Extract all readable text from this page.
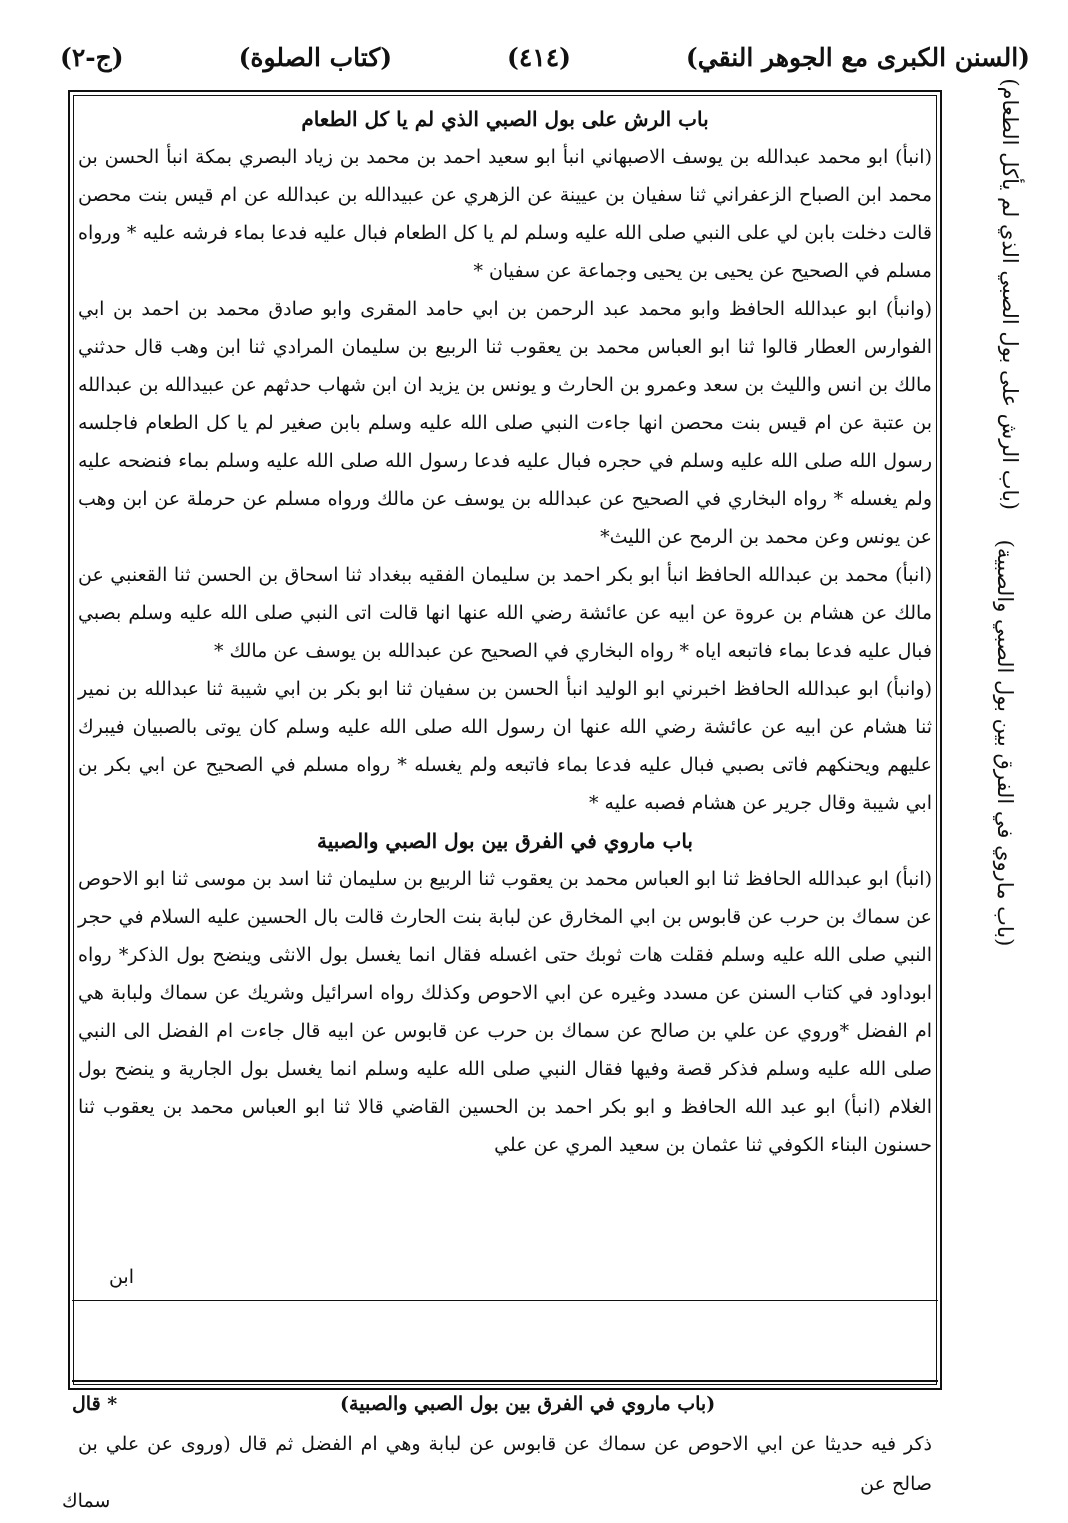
(السنن الكبرى مع الجوهر النقي)
(٤١٤)
(كتاب الصلوة)
(ج-٢)
باب الرش على بول الصبي الذي لم يا كل الطعام

(انبأ) ابو محمد عبدالله بن يوسف الاصبهاني انبأ ابو سعيد احمد بن محمد بن زياد البصري بمكة انبأ الحسن بن محمد ابن الصباح الزعفراني ثنا سفيان بن عيينة عن الزهري عن عبيدالله بن عبدالله عن ام قيس بنت محصن قالت دخلت بابن لي على النبي صلى الله عليه وسلم لم يا كل الطعام فبال عليه فدعا بماء فرشه عليه * ورواه مسلم في الصحيح عن يحيى بن يحيى وجماعة عن سفيان *

(وانبأ) ابو عبدالله الحافظ وابو محمد عبد الرحمن بن ابي حامد المقرى وابو صادق محمد بن احمد بن ابي الفوارس العطار قالوا ثنا ابو العباس محمد بن يعقوب ثنا الربيع بن سليمان المرادي ثنا ابن وهب قال حدثني مالك بن انس والليث بن سعد وعمرو بن الحارث و يونس بن يزيد ان ابن شهاب حدثهم عن عبيدالله بن عبدالله بن عتبة عن ام قيس بنت محصن انها جاءت النبي صلى الله عليه وسلم بابن صغير لم يا كل الطعام فاجلسه رسول الله صلى الله عليه وسلم في حجره فبال عليه فدعا رسول الله صلى الله عليه وسلم بماء فنضحه عليه ولم يغسله * رواه البخاري في الصحيح عن عبدالله بن يوسف عن مالك ورواه مسلم عن حرملة عن ابن وهب عن يونس وعن محمد بن الرمح عن الليث*

(انبأ) محمد بن عبدالله الحافظ انبأ ابو بكر احمد بن سليمان الفقيه ببغداد ثنا اسحاق بن الحسن ثنا القعنبي عن مالك عن هشام بن عروة عن ابيه عن عائشة رضي الله عنها انها قالت اتى النبي صلى الله عليه وسلم بصبي فبال عليه فدعا بماء فاتبعه اياه * رواه البخاري في الصحيح عن عبدالله بن يوسف عن مالك *

(وانبأ) ابو عبدالله الحافظ اخبرني ابو الوليد انبأ الحسن بن سفيان ثنا ابو بكر بن ابي شيبة ثنا عبدالله بن نمير ثنا هشام عن ابيه عن عائشة رضي الله عنها ان رسول الله صلى الله عليه وسلم كان يوتى بالصبيان فيبرك عليهم ويحنكهم فاتى بصبي فبال عليه فدعا بماء فاتبعه ولم يغسله * رواه مسلم في الصحيح عن ابي بكر بن ابي شيبة وقال جرير عن هشام فصبه عليه *

باب ماروي في الفرق بين بول الصبي والصبية

(انبأ) ابو عبدالله الحافظ ثنا ابو العباس محمد بن يعقوب ثنا الربيع بن سليمان ثنا اسد بن موسى ثنا ابو الاحوص عن سماك بن حرب عن قابوس بن ابي المخارق عن لبابة بنت الحارث قالت بال الحسين عليه السلام في حجر النبي صلى الله عليه وسلم فقلت هات ثوبك حتى اغسله فقال انما يغسل بول الانثى وينضح بول الذكر* رواه ابوداود في كتاب السنن عن مسدد وغيره عن ابي الاحوص وكذلك رواه اسرائيل وشريك عن سماك ولبابة هي ام الفضل *وروي عن علي بن صالح عن سماك بن حرب عن قابوس عن ابيه قال جاءت ام الفضل الى النبي صلى الله عليه وسلم فذكر قصة وفيها فقال النبي صلى الله عليه وسلم انما يغسل بول الجارية و ينضح بول الغلام (انبأ) ابو عبد الله الحافظ و ابو بكر احمد بن الحسين القاضي قالا ثنا ابو العباس محمد بن يعقوب ثنا حسنون البناء الكوفي ثنا عثمان بن سعيد المري عن علي

ابن
(باب ماروي في الفرق بين بول الصبي والصبية)
* قال

ذكر فيه حديثا عن ابي الاحوص عن سماك عن قابوس عن لبابة وهي ام الفضل ثم قال (وروى عن علي بن صالح عن

سماك
(باب الرش على بول الصبي الذي لم يأكل الطعام)
(باب ماروي في الفرق بين بول الصبي والصبية)
